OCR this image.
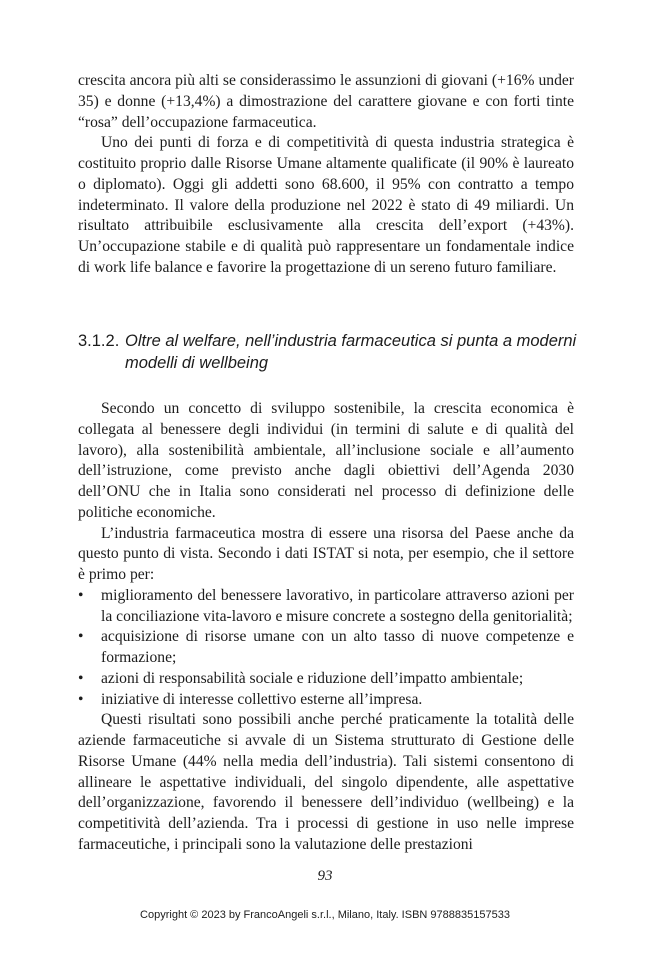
crescita ancora più alti se considerassimo le assunzioni di giovani (+16% under 35) e donne (+13,4%) a dimostrazione del carattere giovane e con forti tinte “rosa” dell’occupazione farmaceutica.

Uno dei punti di forza e di competitività di questa industria strategica è costituito proprio dalle Risorse Umane altamente qualificate (il 90% è laureato o diplomato). Oggi gli addetti sono 68.600, il 95% con contratto a tempo indeterminato. Il valore della produzione nel 2022 è stato di 49 miliardi. Un risultato attribuibile esclusivamente alla crescita dell’export (+43%). Un’occupazione stabile e di qualità può rappresentare un fondamentale indice di work life balance e favorire la progettazione di un sereno futuro familiare.

3.1.2. Oltre al welfare, nell’industria farmaceutica si punta a moderni modelli di wellbeing

Secondo un concetto di sviluppo sostenibile, la crescita economica è collegata al benessere degli individui (in termini di salute e di qualità del lavoro), alla sostenibilità ambientale, all’inclusione sociale e all’aumento dell’istruzione, come previsto anche dagli obiettivi dell’Agenda 2030 dell’ONU che in Italia sono considerati nel processo di definizione delle politiche economiche.

L’industria farmaceutica mostra di essere una risorsa del Paese anche da questo punto di vista. Secondo i dati ISTAT si nota, per esempio, che il settore è primo per:

• miglioramento del benessere lavorativo, in particolare attraverso azioni per la conciliazione vita-lavoro e misure concrete a sostegno della genitorialità;
• acquisizione di risorse umane con un alto tasso di nuove competenze e formazione;
• azioni di responsabilità sociale e riduzione dell’impatto ambientale;
• iniziative di interesse collettivo esterne all’impresa.

Questi risultati sono possibili anche perché praticamente la totalità delle aziende farmaceutiche si avvale di un Sistema strutturato di Gestione delle Risorse Umane (44% nella media dell’industria). Tali sistemi consentono di allineare le aspettative individuali, del singolo dipendente, alle aspettative dell’organizzazione, favorendo il benessere dell’individuo (wellbeing) e la competitività dell’azienda. Tra i processi di gestione in uso nelle imprese farmaceutiche, i principali sono la valutazione delle prestazioni

93
Copyright © 2023 by FrancoAngeli s.r.l., Milano, Italy. ISBN 9788835157533
